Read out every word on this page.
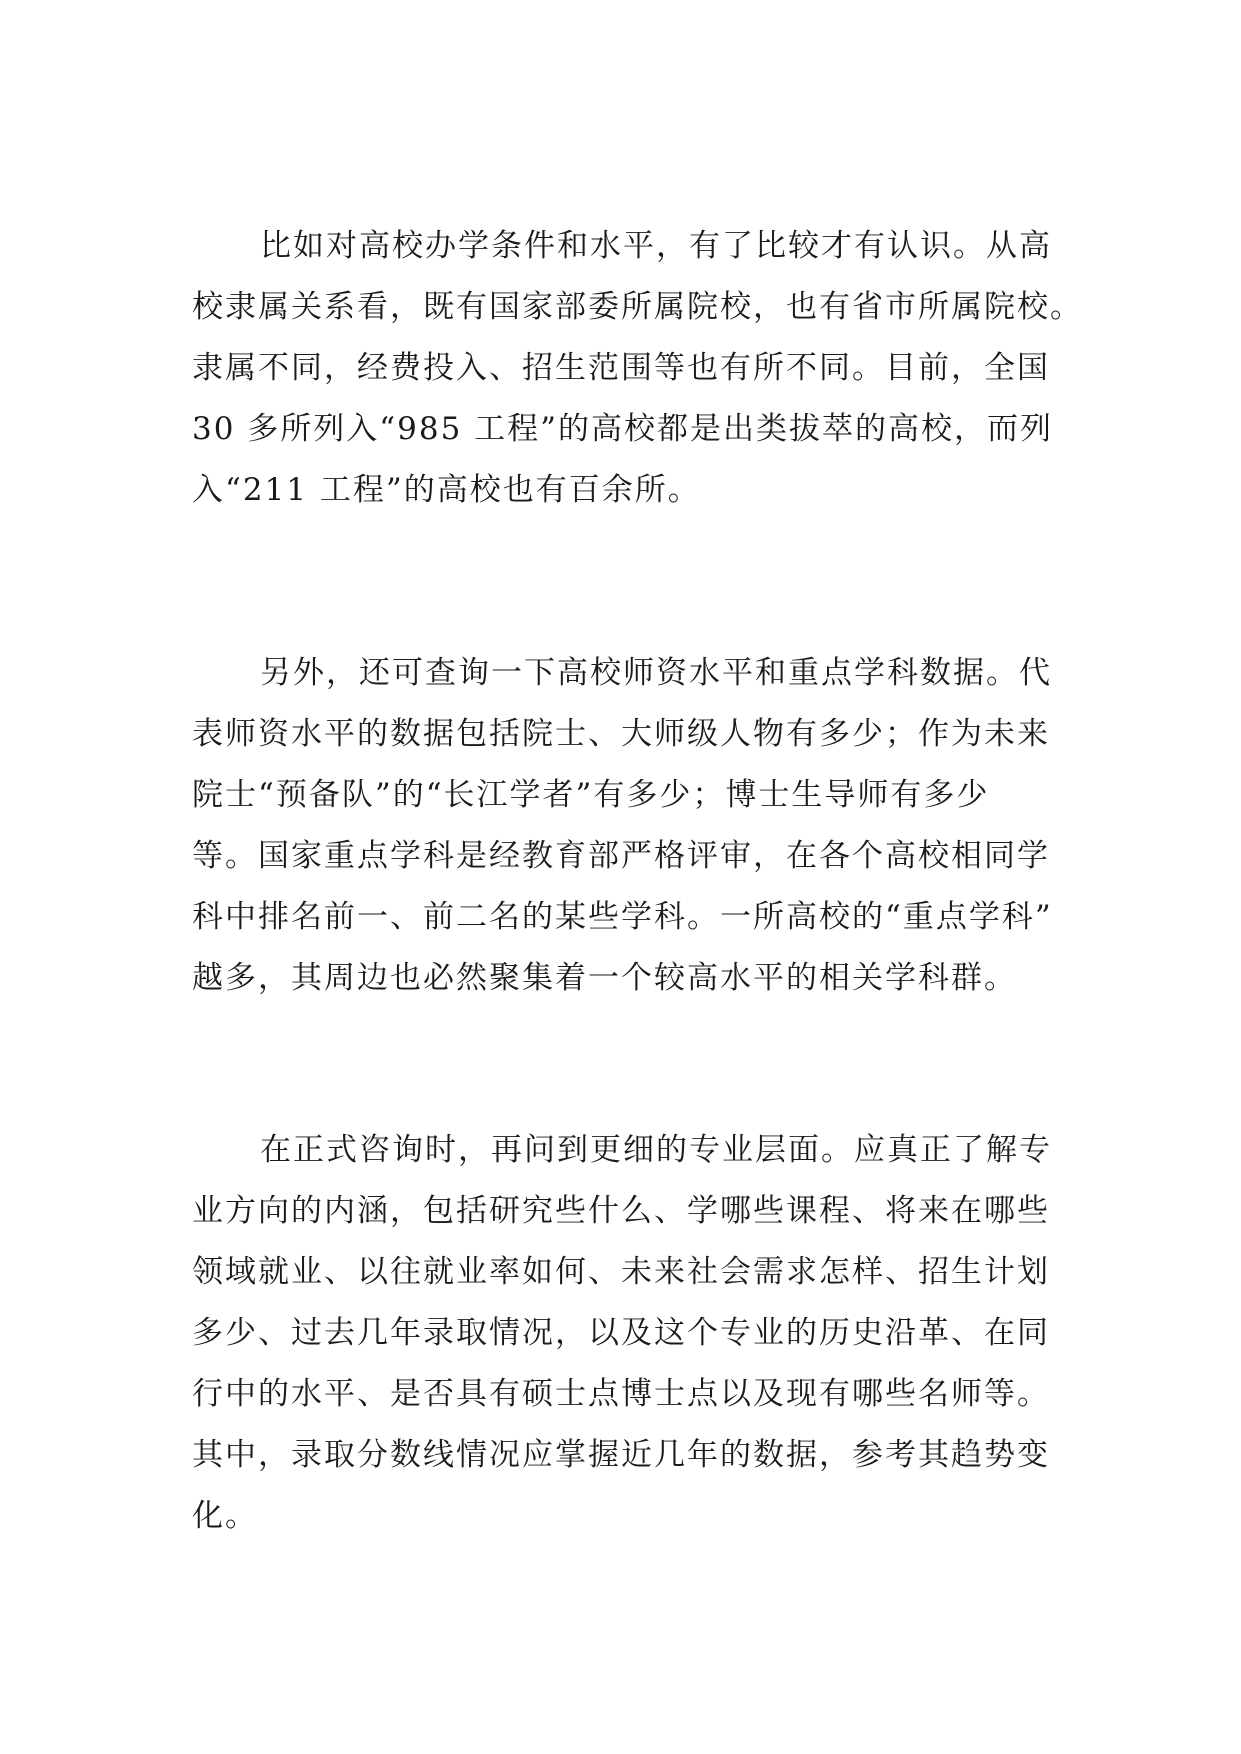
比如对高校办学条件和水平，有了比较才有认识。从高
校隶属关系看，既有国家部委所属院校，也有省市所属院校。
隶属不同，经费投入、招生范围等也有所不同。目前，全国
30 多所列入“985 工程”的高校都是出类拔萃的高校，而列
入“211 工程”的高校也有百余所。
另外，还可查询一下高校师资水平和重点学科数据。代
表师资水平的数据包括院士、大师级人物有多少；作为未来
院士“预备队”的“长江学者”有多少；博士生导师有多少
等。国家重点学科是经教育部严格评审，在各个高校相同学
科中排名前一、前二名的某些学科。一所高校的“重点学科”
越多，其周边也必然聚集着一个较高水平的相关学科群。
在正式咨询时，再问到更细的专业层面。应真正了解专
业方向的内涵，包括研究些什么、学哪些课程、将来在哪些
领域就业、以往就业率如何、未来社会需求怎样、招生计划
多少、过去几年录取情况，以及这个专业的历史沿革、在同
行中的水平、是否具有硕士点博士点以及现有哪些名师等。
其中，录取分数线情况应掌握近几年的数据，参考其趋势变
化。
